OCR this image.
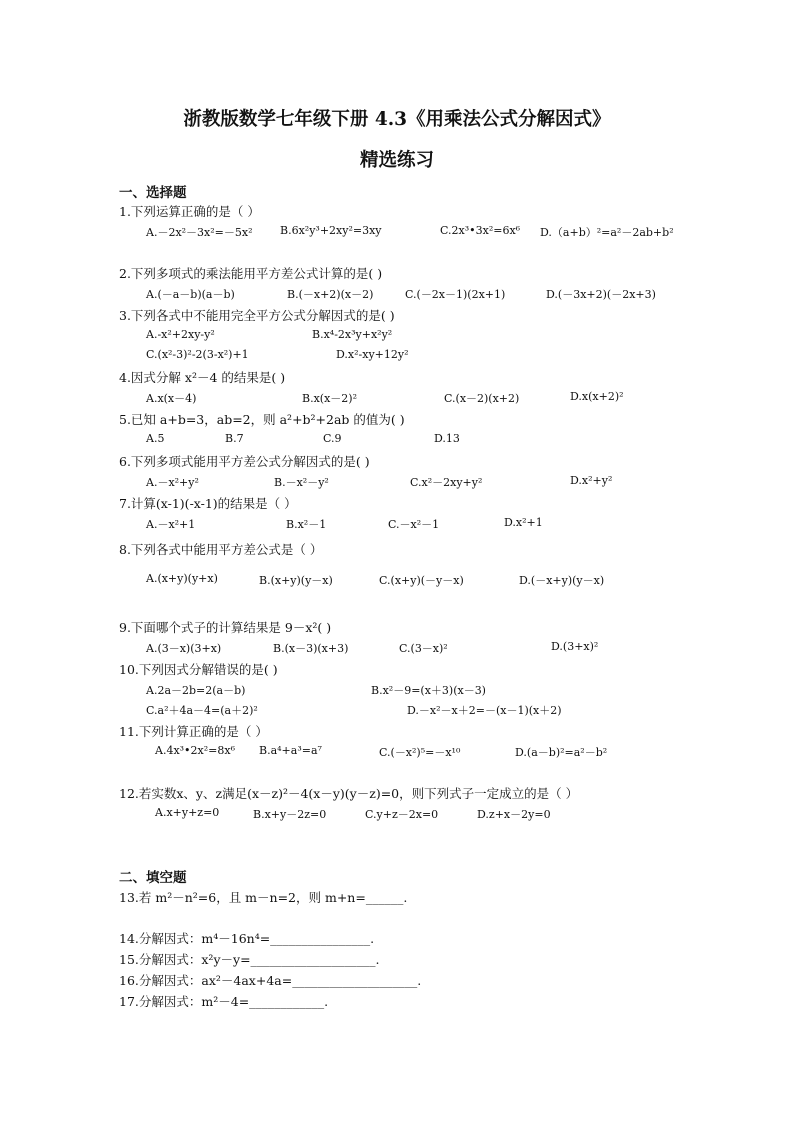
浙教版数学七年级下册 4.3《用乘法公式分解因式》
精选练习
一、选择题
1.下列运算正确的是（ ）
A.－2x²－3x²=－5x²	B.6x²y³+2xy²=3xy	C.2x³•3x²=6x⁶ D.（a+b）²=a²－2ab+b²
2.下列多项式的乘法能用平方差公式计算的是( )
A.(－a－b)(a－b)	B.(－x+2)(x－2)	C.(－2x－1)(2x+1)	D.(－3x+2)(－2x+3)
3.下列各式中不能用完全平方公式分解因式的是( )
A.-x²+2xy-y²	B.x⁴-2x³y+x²y²
C.(x²-3)²-2(3-x²)+1	D.x²-xy+12y²
4.因式分解 x²－4 的结果是( )
A.x(x－4)	B.x(x－2)²	C.(x－2)(x+2)	D.x(x+2)²
5.已知 a+b=3，ab=2，则 a²+b²+2ab 的值为( )
A.5	B.7	C.9	D.13
6.下列多项式能用平方差公式分解因式的是( )
A.－x²+y²	B.－x²－y²	C.x²－2xy+y²	D.x²+y²
7.计算(x-1)(-x-1)的结果是（ ）
A.－x²+1	B.x²－1	C.－x²－1	D.x²+1
8.下列各式中能用平方差公式是（ ）
A.(x+y)(y+x)	B.(x+y)(y－x)	C.(x+y)(－y－x)	D.(－x+y)(y－x)
9.下面哪个式子的计算结果是 9－x²( )
A.(3－x)(3+x)	B.(x－3)(x+3)	C.(3－x)²	D.(3+x)²
10.下列因式分解错误的是( )
A.2a－2b=2(a－b)	B.x²－9=(x＋3)(x－3)
C.a²＋4a－4=(a＋2)²	D.－x²－x＋2=－(x－1)(x＋2)
11.下列计算正确的是（ ）
A.4x³•2x²=8x⁶ B.a⁴+a³=a⁷	C.(－x²)⁵=－x¹⁰	D.(a－b)²=a²－b²
12.若实数x、y、z满足(x－z)²－4(x－y)(y－z)=0，则下列式子一定成立的是（ ）
A.x+y+z=0	B.x+y－2z=0	C.y+z－2x=0	D.z+x－2y=0
二、填空题
13.若 m²－n²=6，且 m－n=2，则 m+n=______.
14.分解因式：m⁴－16n⁴=________________.
15.分解因式：x²y－y=____________________.
16.分解因式：ax²－4ax+4a=____________________.
17.分解因式：m²－4=____________.
